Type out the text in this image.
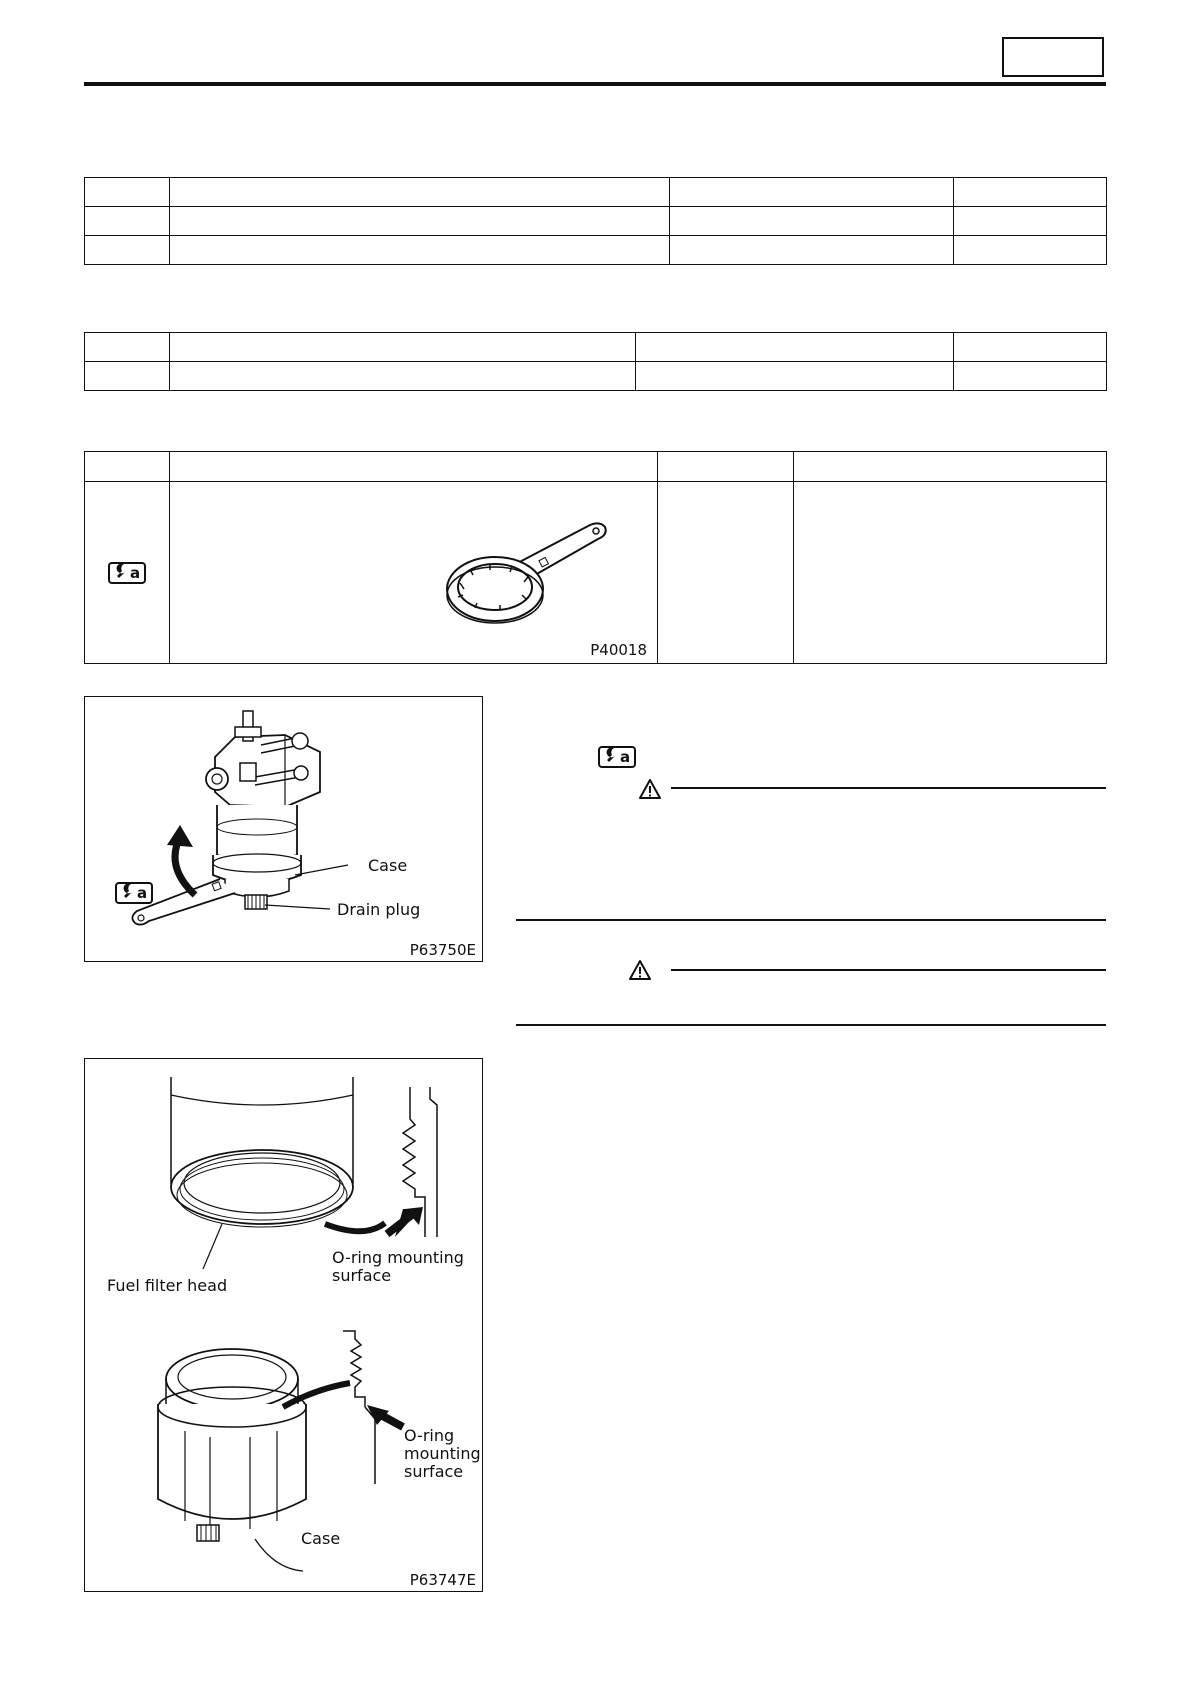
a	P40018		

a
Case
Drain plug
P63750E
a
Fuel filter head
O-ring mounting
surface
O-ring
mounting
surface
Case
P63747E
